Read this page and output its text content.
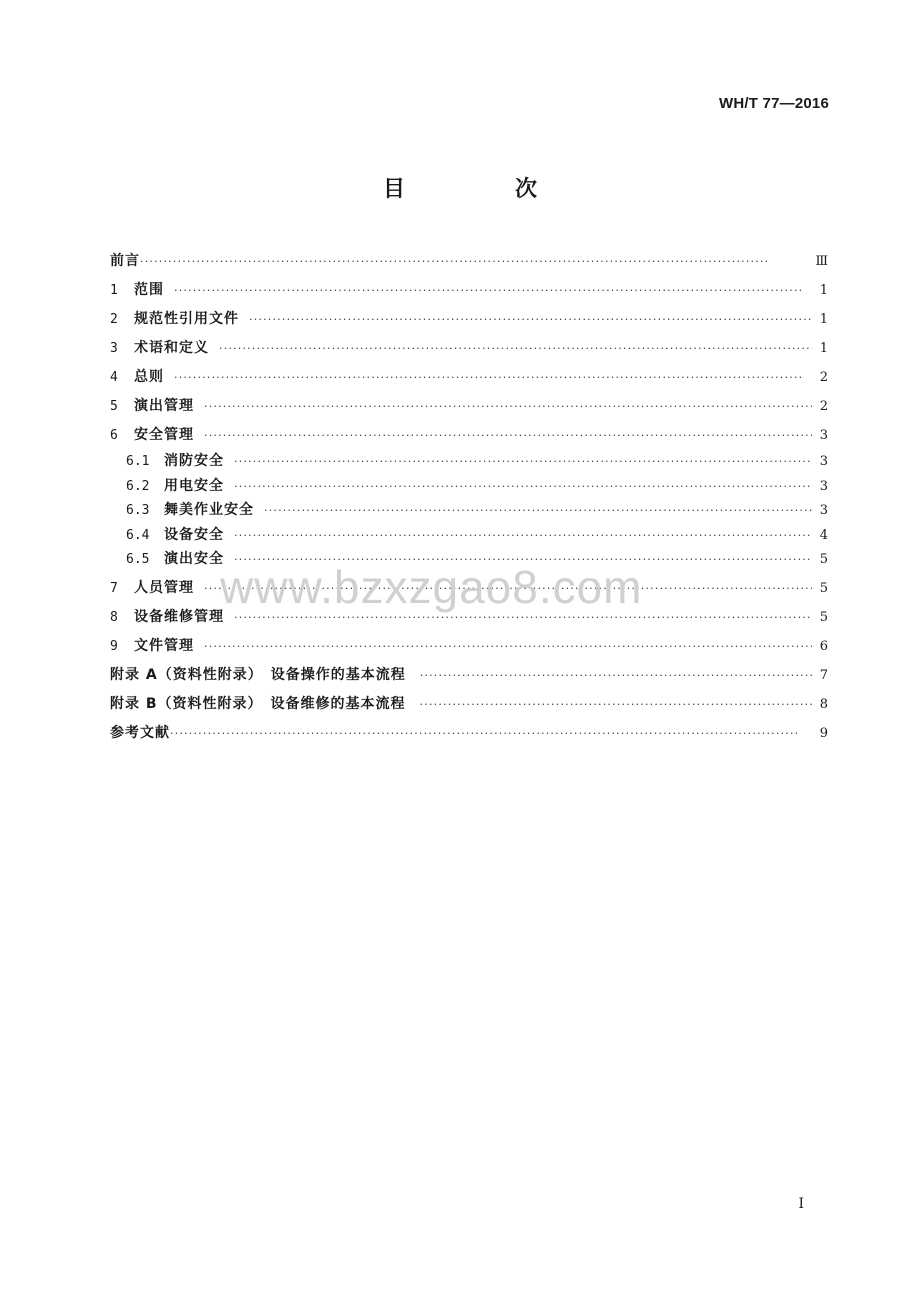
WH/T 77—2016
目　次
前言 ·····	Ⅲ
1	范围 ·····	1
2	规范性引用文件 ·····	1
3	术语和定义 ·····	1
4	总则 ·····	2
5	演出管理 ·····	2
6	安全管理 ·····	3
6.1	消防安全 ·····	3
6.2	用电安全 ·····	3
6.3	舞美作业安全 ·····	3
6.4	设备安全 ·····	4
6.5	演出安全 ·····	5
7	人员管理 ·····	5
8	设备维修管理 ·····	5
9	文件管理 ·····	6
附录 A（资料性附录）　设备操作的基本流程 ·····	7
附录 B（资料性附录）　设备维修的基本流程 ·····	8
参考文献 ·····	9
www.bzxzgao8.com
I
